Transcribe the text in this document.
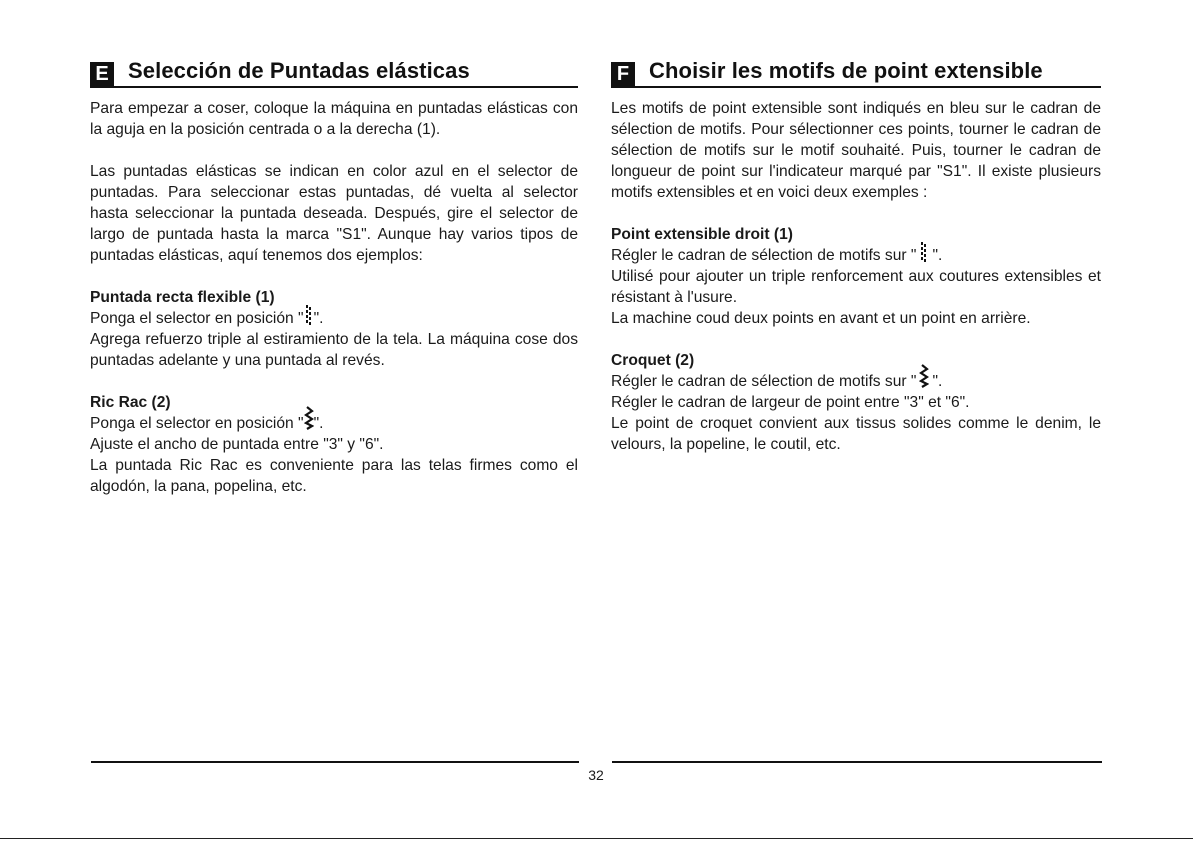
E Selección de Puntadas elásticas

Para empezar a coser, coloque la máquina en puntadas elásticas con la aguja en la posición centrada o a la derecha (1).

Las puntadas elásticas se indican en color azul en el selector de puntadas. Para seleccionar estas puntadas, dé vuelta al selector hasta seleccionar la puntada deseada. Después, gire el selector de largo de puntada hasta la marca "S1". Aunque hay varios tipos de puntadas elásticas, aquí tenemos dos ejemplos:

Puntada recta flexible (1)

Ponga el selector en posición " ".

Agrega refuerzo triple al estiramiento de la tela. La máquina cose dos puntadas adelante y una puntada al revés.

Ric Rac (2)

Ponga el selector en posición " ".

Ajuste el ancho de puntada entre "3" y "6".

La puntada Ric Rac es conveniente para las telas firmes como el algodón, la pana, popelina, etc.

F Choisir les motifs de point extensible

Les motifs de point extensible sont indiqués en bleu sur le cadran de sélection de motifs. Pour sélectionner ces points, tourner le cadran de sélection de motifs sur le motif souhaité. Puis, tourner le cadran de longueur de point sur l'indicateur marqué par "S1". Il existe plusieurs motifs extensibles et en voici deux exemples :

Point extensible droit (1)

Régler le cadran de sélection de motifs sur " ".

Utilisé pour ajouter un triple renforcement aux coutures extensibles et résistant à l'usure.

La machine coud deux points en avant et un point en arrière.

Croquet (2)

Régler le cadran de sélection de motifs sur " ".

Régler le cadran de largeur de point entre "3" et "6".

Le point de croquet convient aux tissus solides comme le denim, le velours, la popeline, le coutil, etc.

32
